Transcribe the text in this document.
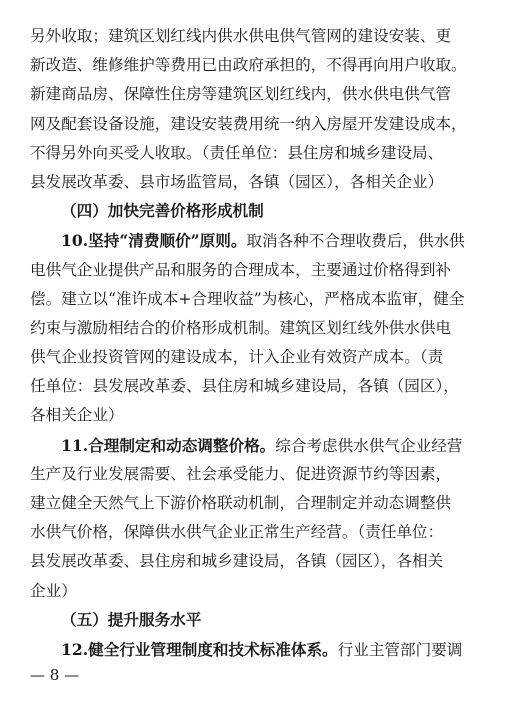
另外收取；建筑区划红线内供水供电供气管网的建设安装、更
新改造、维修维护等费用已由政府承担的，不得再向用户收取。
新建商品房、保障性住房等建筑区划红线内，供水供电供气管
网及配套设备设施，建设安装费用统一纳入房屋开发建设成本，
不得另外向买受人收取。（责任单位：县住房和城乡建设局、
县发展改革委、县市场监管局，各镇（园区），各相关企业）
（四）加快完善价格形成机制
10.坚持“清费顺价”原则。取消各种不合理收费后，供水供
电供气企业提供产品和服务的合理成本，主要通过价格得到补
偿。建立以“准许成本+合理收益”为核心，严格成本监审，健全
约束与激励相结合的价格形成机制。建筑区划红线外供水供电
供气企业投资管网的建设成本，计入企业有效资产成本。（责
任单位：县发展改革委、县住房和城乡建设局，各镇（园区），
各相关企业）
11.合理制定和动态调整价格。综合考虑供水供气企业经营
生产及行业发展需要、社会承受能力、促进资源节约等因素，
建立健全天然气上下游价格联动机制，合理制定并动态调整供
水供气价格，保障供水供气企业正常生产经营。（责任单位：
县发展改革委、县住房和城乡建设局，各镇（园区），各相关
企业）
（五）提升服务水平
12.健全行业管理制度和技术标准体系。行业主管部门要调
— 8 —
